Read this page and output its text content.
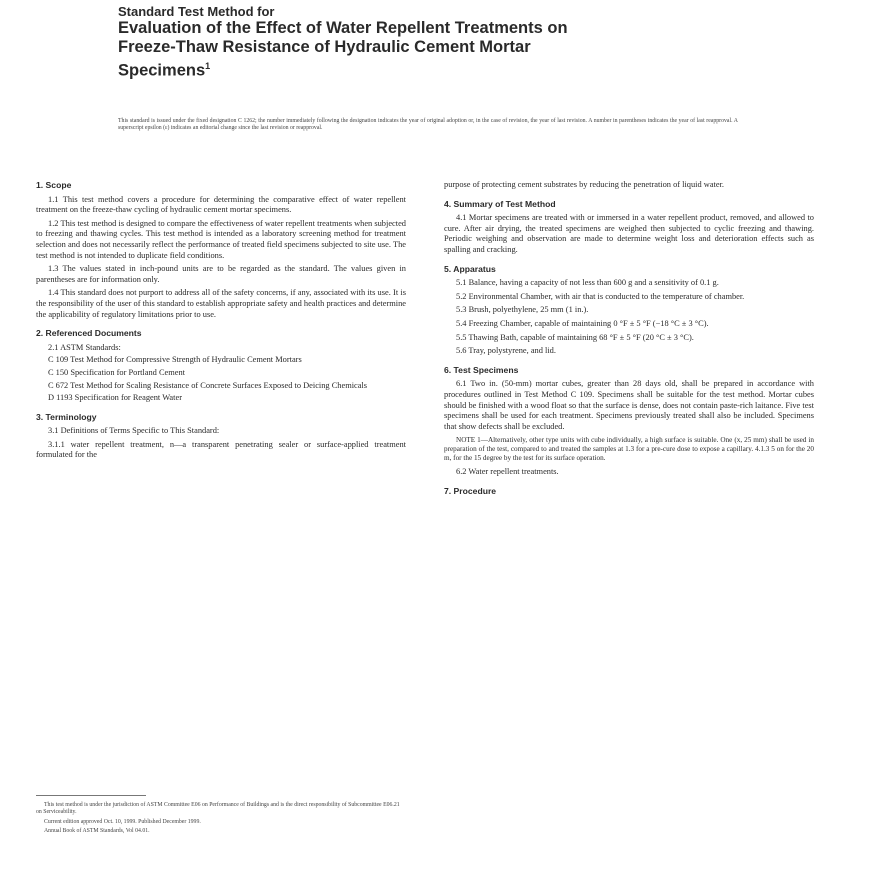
Standard Test Method for
Evaluation of the Effect of Water Repellent Treatments on
Freeze-Thaw Resistance of Hydraulic Cement Mortar
Specimens$^1$
This standard is issued under the fixed designation C 1262; the number immediately following the designation indicates the year of original adoption or, in the case of revision, the year of last revision. A number in parentheses indicates the year of last reapproval. A superscript epsilon (ε) indicates an editorial change since the last revision or reapproval.
1. Scope

1.1 This test method covers a procedure for determining the comparative effect of water repellent treatment on the freeze-thaw cycling of hydraulic cement mortar specimens.

1.2 This test method is designed to compare the effectiveness of water repellent treatments when subjected to freezing and thawing cycles. This test method is intended as a laboratory screening method for treatment selection and does not necessarily reflect the performance of treated field specimens subjected to site use. The test method is not intended to duplicate field conditions.

1.3 The values stated in inch-pound units are to be regarded as the standard. The values given in parentheses are for information only.

1.4 This standard does not purport to address all of the safety concerns, if any, associated with its use. It is the responsibility of the user of this standard to establish appropriate safety and health practices and determine the applicability of regulatory limitations prior to use.

2. Referenced Documents

2.1 ASTM Standards:

C 109 Test Method for Compressive Strength of Hydraulic Cement Mortars

C 150 Specification for Portland Cement

C 672 Test Method for Scaling Resistance of Concrete Surfaces Exposed to Deicing Chemicals

D 1193 Specification for Reagent Water

3. Terminology

3.1 Definitions of Terms Specific to This Standard:

3.1.1 water repellent treatment, n—a transparent penetrating sealer or surface-applied treatment formulated for the

purpose of protecting cement substrates by reducing the penetration of liquid water.

4. Summary of Test Method

4.1 Mortar specimens are treated with or immersed in a water repellent product, removed, and allowed to cure. After air drying, the treated specimens are weighed then subjected to cyclic freezing and thawing. Periodic weighing and observation are made to determine weight loss and deterioration effects such as spalling and cracking.

5. Apparatus

5.1 Balance, having a capacity of not less than 600 g and a sensitivity of 0.1 g.

5.2 Environmental Chamber, with air that is conducted to the temperature of chamber.

5.3 Brush, polyethylene, 25 mm (1 in.).

5.4 Freezing Chamber, capable of maintaining 0 °F ± 5 °F (−18 °C ± 3 °C).

5.5 Thawing Bath, capable of maintaining 68 °F ± 5 °F (20 °C ± 3 °C).

5.6 Tray, polystyrene, and lid.

6. Test Specimens

6.1 Two in. (50-mm) mortar cubes, greater than 28 days old, shall be prepared in accordance with procedures outlined in Test Method C 109. Specimens shall be suitable for the test method. Mortar cubes should be finished with a wood float so that the surface is dense, does not contain paste-rich laitance. Five test specimens shall be used for each treatment. Specimens previously treated shall also be included. Specimens that show defects shall be excluded.

NOTE 1—Alternatively, other type units with cube individually, a high surface is suitable. One (x, 25 mm) shall be used in preparation of the test, compared to and treated the samples at 1.3 for a pre-cure dose to expose a capillary. 4.1.3 5 on for the 20 m, for the 15 degree by the test for its surface operation.

6.2 Water repellent treatments.

7. Procedure
This test method is under the jurisdiction of ASTM Committee E06 on Performance of Buildings and is the direct responsibility of Subcommittee E06.21 on Serviceability.
Current edition approved Oct. 10, 1999. Published December 1999.
Annual Book of ASTM Standards, Vol 04.01.
